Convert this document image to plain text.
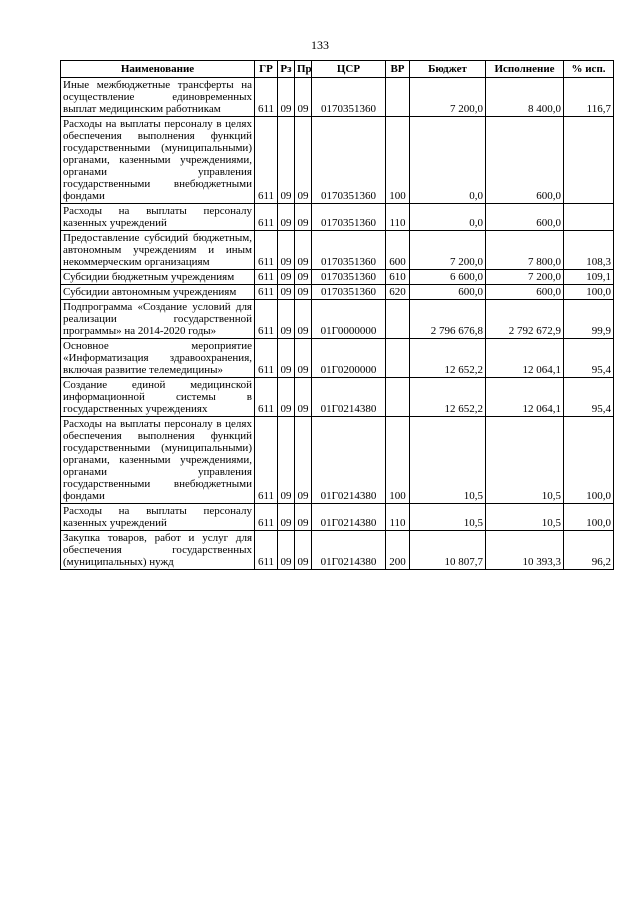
133
Наименование	ГР	Рз	Пр	ЦСР	ВР	Бюджет	Исполнение	% исп.
Иные межбюджетные трансферты на осуществление единовременных выплат медицинским работникам	611	09	09	0170351360		7 200,0	8 400,0	116,7
Расходы на выплаты персоналу в целях обеспечения выполнения функций государственными (муниципальными) органами, казенными учреждениями, органами управления государственными внебюджетными фондами	611	09	09	0170351360	100	0,0	600,0	
Расходы на выплаты персоналу казенных учреждений	611	09	09	0170351360	110	0,0	600,0	
Предоставление субсидий бюджетным, автономным учреждениям и иным некоммерческим организациям	611	09	09	0170351360	600	7 200,0	7 800,0	108,3
Субсидии бюджетным учреждениям	611	09	09	0170351360	610	6 600,0	7 200,0	109,1
Субсидии автономным учреждениям	611	09	09	0170351360	620	600,0	600,0	100,0
Подпрограмма «Создание условий для реализации государственной программы» на 2014-2020 годы»	611	09	09	01Г0000000		2 796 676,8	2 792 672,9	99,9
Основное мероприятие «Информатизация здравоохранения, включая развитие телемедицины»	611	09	09	01Г0200000		12 652,2	12 064,1	95,4
Создание единой медицинской информационной системы в государственных учреждениях	611	09	09	01Г0214380		12 652,2	12 064,1	95,4
Расходы на выплаты персоналу в целях обеспечения выполнения функций государственными (муниципальными) органами, казенными учреждениями, органами управления государственными внебюджетными фондами	611	09	09	01Г0214380	100	10,5	10,5	100,0
Расходы на выплаты персоналу казенных учреждений	611	09	09	01Г0214380	110	10,5	10,5	100,0
Закупка товаров, работ и услуг для обеспечения государственных (муниципальных) нужд	611	09	09	01Г0214380	200	10 807,7	10 393,3	96,2
